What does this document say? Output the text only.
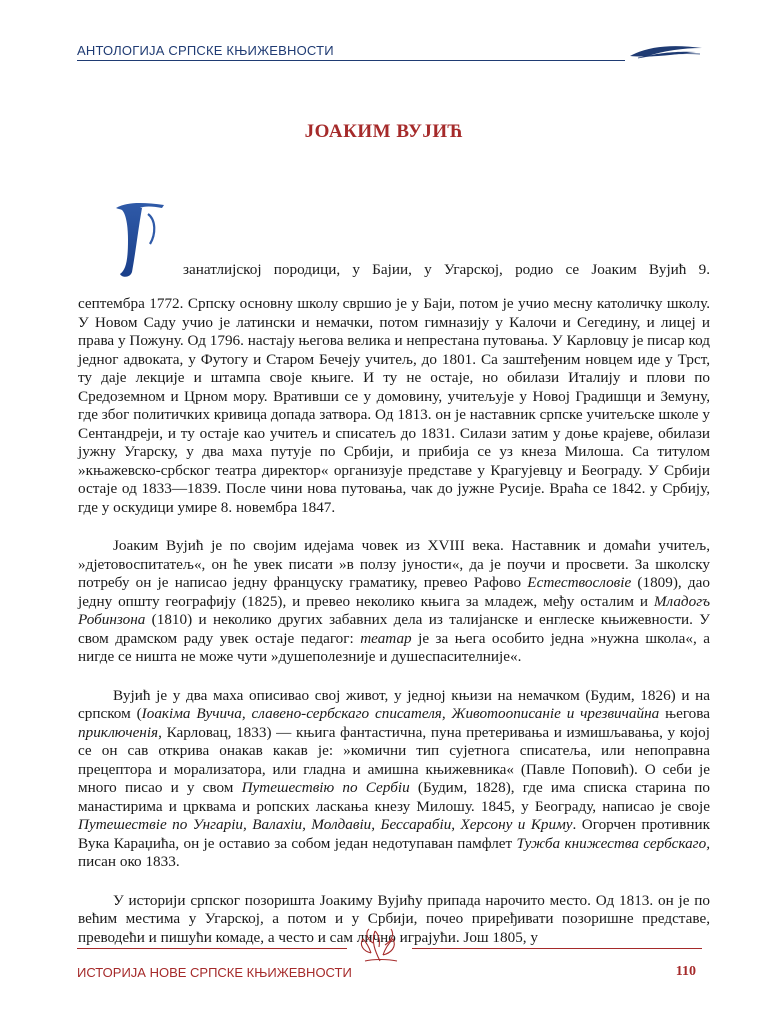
АНТОЛОГИЈА СРПСКЕ КЊИЖЕВНОСТИ
ЈОАКИМ ВУЈИЋ
занатлијској породици, у Бајии, у Угарској, родио се Јоаким Вујић 9.

септембра 1772. Српску основну школу свршио је у Баји, потом је учио месну католичку школу. У Новом Саду учио је латински и немачки, потом гимназију у Калочи и Сегедину, и лицеј и права у Пожуну. Од 1796. настају његова велика и непрестана путовања. У Карловцу је писар код једног адвоката, у Футогу и Старом Бечеју учитељ, до 1801. Са заштеђеним новцем иде у Трст, ту даје лекције и штампа своје књиге. И ту не остаје, но обилази Италију и плови по Средоземном и Црном мору. Вративши се у домовину, учитељује у Новој Градишци и Земуну, где због политичких кривица допада затвора. Од 1813. он је наставник српске учитељске школе у Сентандреји, и ту остаје као учитељ и списатељ до 1831. Силази затим у доње крајеве, обилази јужну Угарску, у два маха путује по Србији, и прибија се уз кнеза Милоша. Са титулом »књажевско-србског театра директор« организује представе у Крагујевцу и Београду. У Србији остаје од 1833—1839. После чини нова путовања, чак до јужне Русије. Враћа се 1842. у Србију, где у оскудици умире 8. новембра 1847.

Јоаким Вујић је по својим идејама човек из XVIII века. Наставник и домаћи учитељ, »дјетовоспитатељ«, он ће увек писати »в ползу јуности«, да је поучи и просвети. За школску потребу он је написао једну француску граматику, превео Рафово Естествословіе (1809), дао једну општу географију (1825), и превео неколико књига за младеж, међу осталим и Младогъ Робинзона (1810) и неколико других забавних дела из талијанске и енглеске књижевности. У свом драмском раду увек остаје педагог: театар је за њега особито једна »нужна школа«, а нигде се ништа не може чути »душеполезније и душеспасителније«.

Вујић је у два маха описивао свој живот, у једној књизи на немачком (Будим, 1826) и на српском (Іоакіма Вучича, славено-сербскаго списателя, Животоописаніе и чрезвичайна његова приключенія, Карловац, 1833) — књига фантастична, пуна претеривања и измишљавања, у којој се он сав открива онакав какав је: »комични тип сујетнога списатеља, или непоправна прецептора и морализатора, или гладна и амишна књижевника« (Павле Поповић). О себи је много писао и у свом Путешествію по Сербіи (Будим, 1828), где има списка старина по манастирима и црквама и ропских ласкања кнезу Милошу. 1845, у Београду, написао је своје Путешествіе по Унгаріи, Валахіи, Молдавіи, Бессарабіи, Херсону и Криму. Огорчен противник Вука Караџића, он је оставио за собом један недотупаван памфлет Тужба книжества сербскаго, писан око 1833.

У историји српског позоришта Јоакиму Вујићу припада нарочито место. Од 1813. он је по већим местима у Угарској, а потом и у Србији, почео приређивати позоришне представе, преводећи и пишући комаде, а често и сам лично играјући. Још 1805, у

ИСТОРИЈА НОВЕ СРПСКЕ КЊИЖЕВНОСТИ	110
